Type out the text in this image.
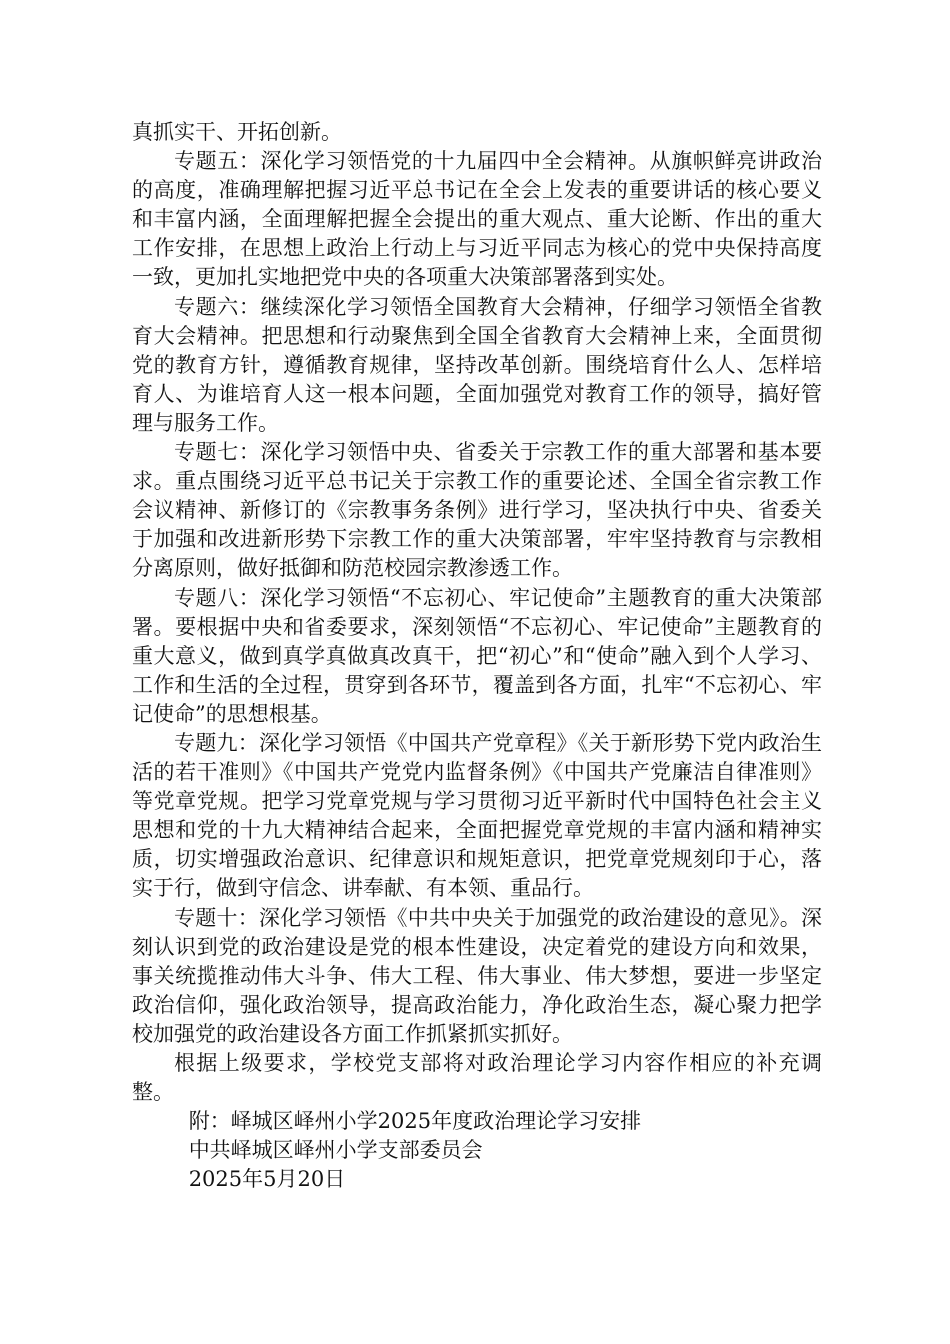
真抓实干、开拓创新。

专题五：深化学习领悟党的十九届四中全会精神。从旗帜鲜亮讲政治的高度，准确理解把握习近平总书记在全会上发表的重要讲话的核心要义和丰富内涵，全面理解把握全会提出的重大观点、重大论断、作出的重大工作安排，在思想上政治上行动上与习近平同志为核心的党中央保持高度一致，更加扎实地把党中央的各项重大决策部署落到实处。

专题六：继续深化学习领悟全国教育大会精神，仔细学习领悟全省教育大会精神。把思想和行动聚焦到全国全省教育大会精神上来，全面贯彻党的教育方针，遵循教育规律，坚持改革创新。围绕培育什么人、怎样培育人、为谁培育人这一根本问题，全面加强党对教育工作的领导，搞好管理与服务工作。

专题七：深化学习领悟中央、省委关于宗教工作的重大部署和基本要求。重点围绕习近平总书记关于宗教工作的重要论述、全国全省宗教工作会议精神、新修订的《宗教事务条例》进行学习，坚决执行中央、省委关于加强和改进新形势下宗教工作的重大决策部署，牢牢坚持教育与宗教相分离原则，做好抵御和防范校园宗教渗透工作。

专题八：深化学习领悟“不忘初心、牢记使命”主题教育的重大决策部署。要根据中央和省委要求，深刻领悟“不忘初心、牢记使命”主题教育的重大意义，做到真学真做真改真干，把“初心”和“使命”融入到个人学习、工作和生活的全过程，贯穿到各环节，覆盖到各方面，扎牢“不忘初心、牢记使命”的思想根基。

专题九：深化学习领悟《中国共产党章程》《关于新形势下党内政治生活的若干准则》《中国共产党党内监督条例》《中国共产党廉洁自律准则》等党章党规。把学习党章党规与学习贯彻习近平新时代中国特色社会主义思想和党的十九大精神结合起来，全面把握党章党规的丰富内涵和精神实质，切实增强政治意识、纪律意识和规矩意识，把党章党规刻印于心，落实于行，做到守信念、讲奉献、有本领、重品行。

专题十：深化学习领悟《中共中央关于加强党的政治建设的意见》。深刻认识到党的政治建设是党的根本性建设，决定着党的建设方向和效果，事关统揽推动伟大斗争、伟大工程、伟大事业、伟大梦想，要进一步坚定政治信仰，强化政治领导，提高政治能力，净化政治生态，凝心聚力把学校加强党的政治建设各方面工作抓紧抓实抓好。

根据上级要求，学校党支部将对政治理论学习内容作相应的补充调整。

附：峄城区峄州小学2025年度政治理论学习安排
中共峄城区峄州小学支部委员会
2025年5月20日
